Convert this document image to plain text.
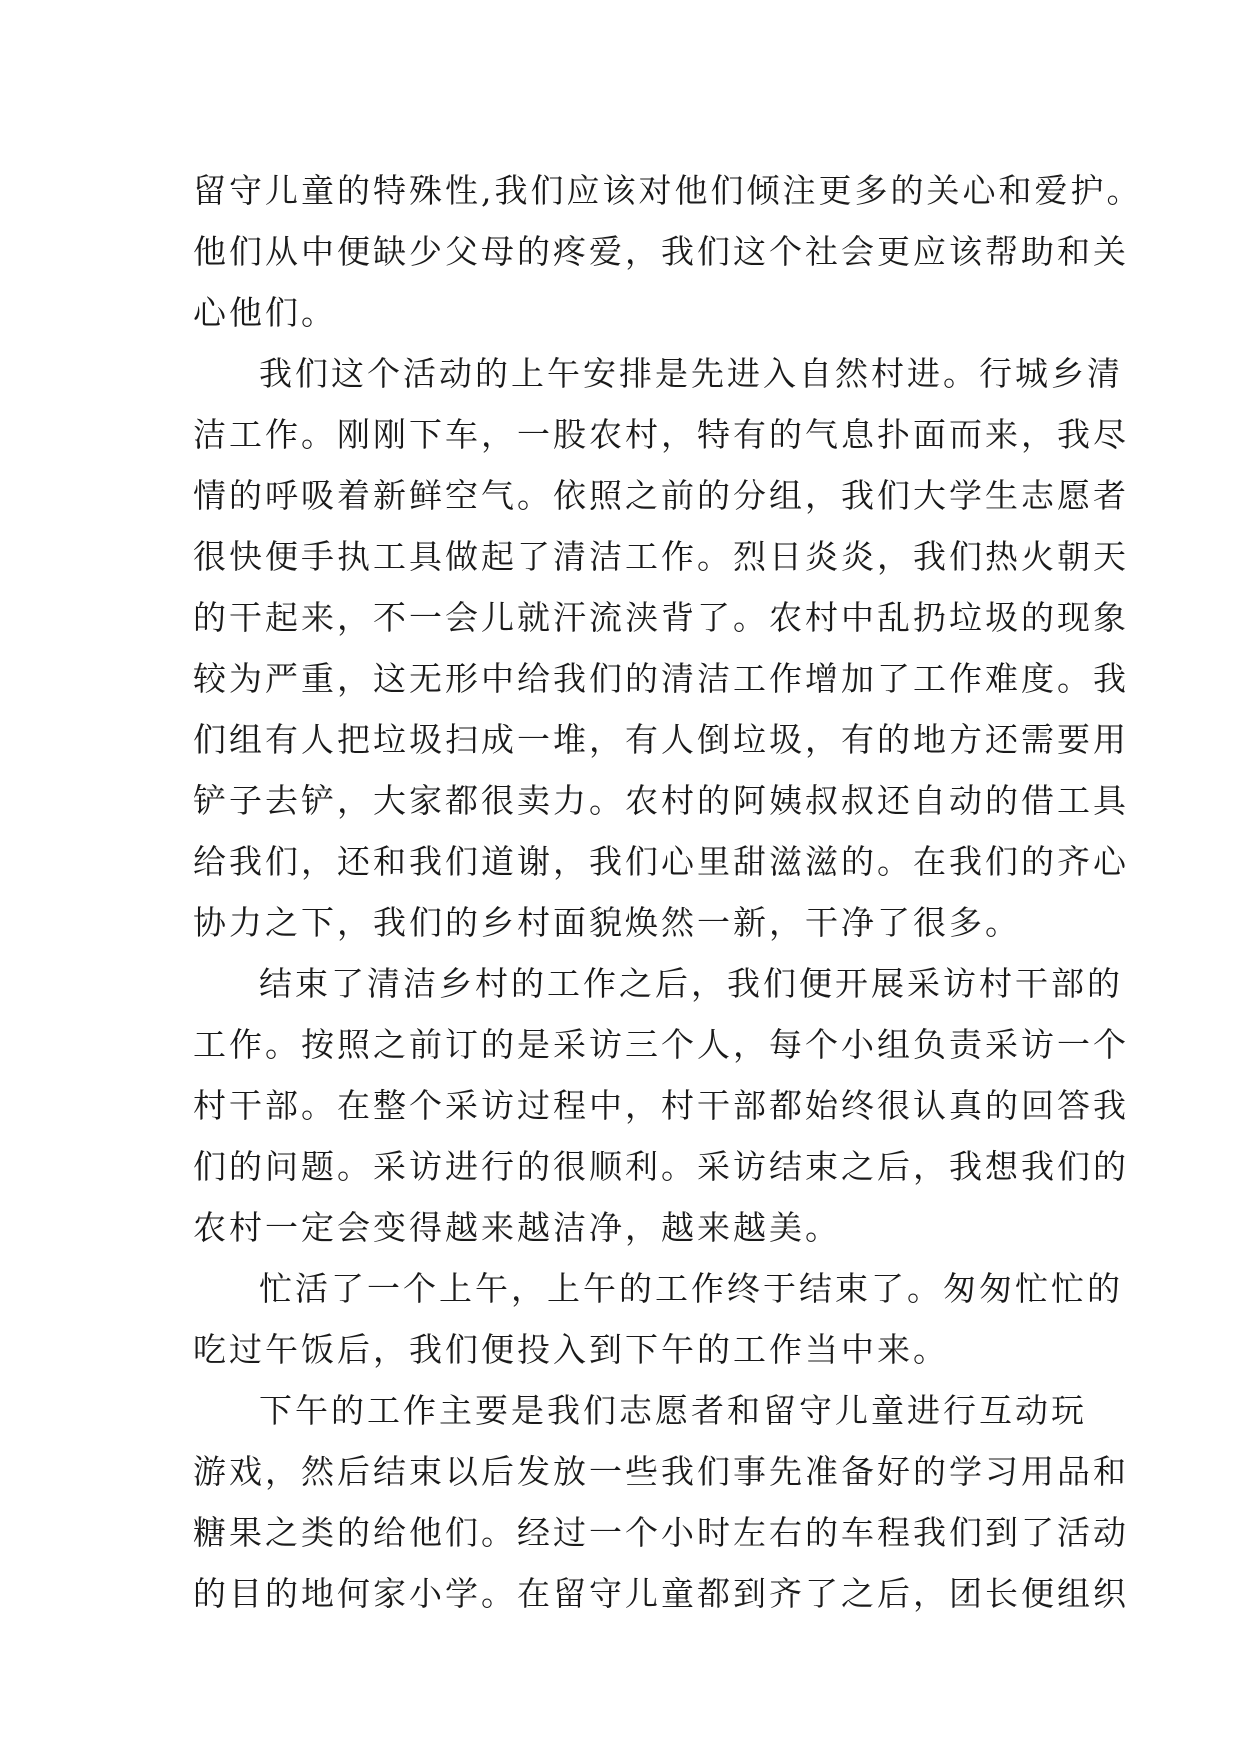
留守儿童的特殊性,我们应该对他们倾注更多的关心和爱护。
他们从中便缺少父母的疼爱，我们这个社会更应该帮助和关
心他们。
我们这个活动的上午安排是先进入自然村进。行城乡清
洁工作。刚刚下车，一股农村，特有的气息扑面而来，我尽
情的呼吸着新鲜空气。依照之前的分组，我们大学生志愿者
很快便手执工具做起了清洁工作。烈日炎炎，我们热火朝天
的干起来，不一会儿就汗流浃背了。农村中乱扔垃圾的现象
较为严重，这无形中给我们的清洁工作增加了工作难度。我
们组有人把垃圾扫成一堆，有人倒垃圾，有的地方还需要用
铲子去铲，大家都很卖力。农村的阿姨叔叔还自动的借工具
给我们，还和我们道谢，我们心里甜滋滋的。在我们的齐心
协力之下，我们的乡村面貌焕然一新，干净了很多。
结束了清洁乡村的工作之后，我们便开展采访村干部的
工作。按照之前订的是采访三个人，每个小组负责采访一个
村干部。在整个采访过程中，村干部都始终很认真的回答我
们的问题。采访进行的很顺利。采访结束之后，我想我们的
农村一定会变得越来越洁净，越来越美。
忙活了一个上午，上午的工作终于结束了。匆匆忙忙的
吃过午饭后，我们便投入到下午的工作当中来。
下午的工作主要是我们志愿者和留守儿童进行互动玩
游戏，然后结束以后发放一些我们事先准备好的学习用品和
糖果之类的给他们。经过一个小时左右的车程我们到了活动
的目的地何家小学。在留守儿童都到齐了之后，团长便组织
